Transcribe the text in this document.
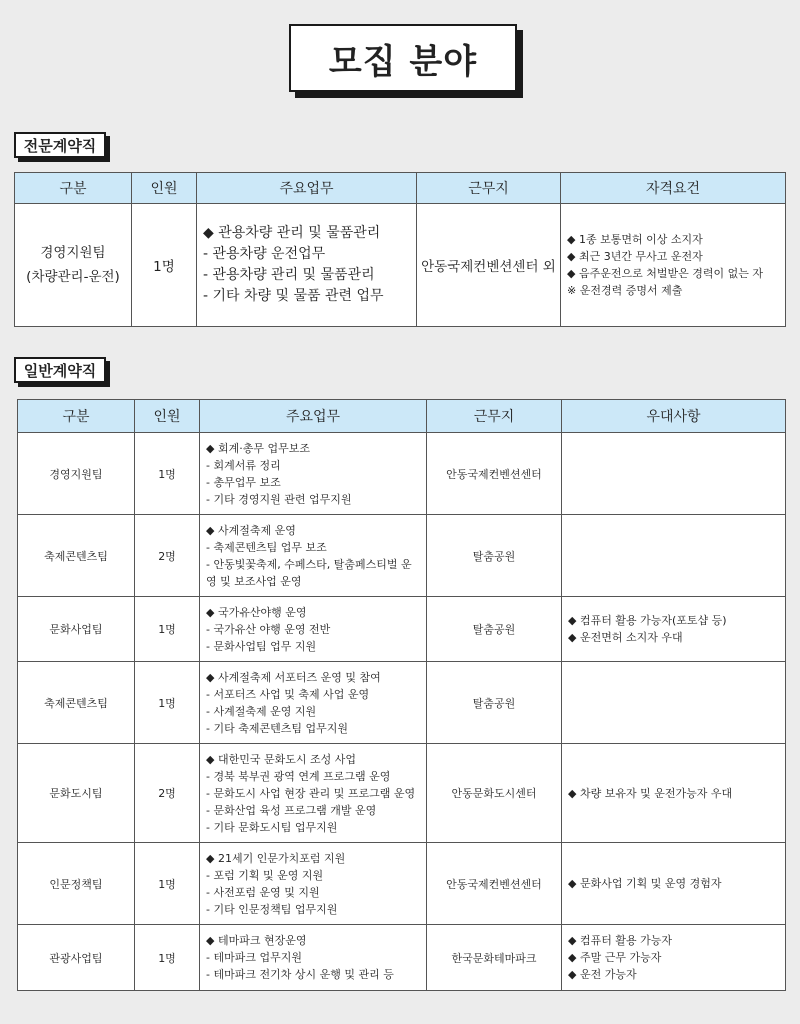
모집 분야
전문계약직
구분	인원	주요업무	근무지	자격요건

경영지원팀
(차량관리-운전)	1명	◆ 관용차량 관리 및 물품관리
- 관용차량 운전업무
- 관용차량 관리 및 물품관리
- 기타 차량 및 물품 관련 업무	안동국제컨벤션센터 외	◆ 1종 보통면허 이상 소지자
◆ 최근 3년간 무사고 운전자
◆ 음주운전으로 처벌받은 경력이 없는 자
※ 운전경력 증명서 제출
일반계약직
구분	인원	주요업무	근무지	우대사항
경영지원팀	1명	◆ 회계·총무 업무보조
- 회계서류 정리
- 총무업무 보조
- 기타 경영지원 관련 업무지원	안동국제컨벤션센터	
축제콘텐츠팀	2명	◆ 사계절축제 운영
- 축제콘텐츠팀 업무 보조
- 안동빛꽃축제, 수페스타, 탈춤페스티벌 운
영 및 보조사업 운영	탈춤공원	
문화사업팀	1명	◆ 국가유산야행 운영
- 국가유산 야행 운영 전반
- 문화사업팀 업무 지원	탈춤공원	◆ 컴퓨터 활용 가능자(포토샵 등)
◆ 운전면허 소지자 우대

축제콘텐츠팀	1명	◆ 사계절축제 서포터즈 운영 및 참여
- 서포터즈 사업 및 축제 사업 운영
- 사계절축제 운영 지원
- 기타 축제콘텐츠팀 업무지원	탈춤공원	
문화도시팀	2명	◆ 대한민국 문화도시 조성 사업
- 경북 북부권 광역 연계 프로그램 운영
- 문화도시 사업 현장 관리 및 프로그램 운영
- 문화산업 육성 프로그램 개발 운영
- 기타 문화도시팀 업무지원	안동문화도시센터	◆ 차량 보유자 및 운전가능자 우대

인문정책팀	1명	◆ 21세기 인문가치포럼 지원
- 포럼 기획 및 운영 지원
- 사전포럼 운영 및 지원
- 기타 인문정책팀 업무지원	안동국제컨벤션센터	◆ 문화사업 기획 및 운영 경험자

관광사업팀	1명	◆ 테마파크 현장운영
- 테마파크 업무지원
- 테마파크 전기차 상시 운행 및 관리 등	한국문화테마파크	◆ 컴퓨터 활용 가능자
◆ 주말 근무 가능자
◆ 운전 가능자
